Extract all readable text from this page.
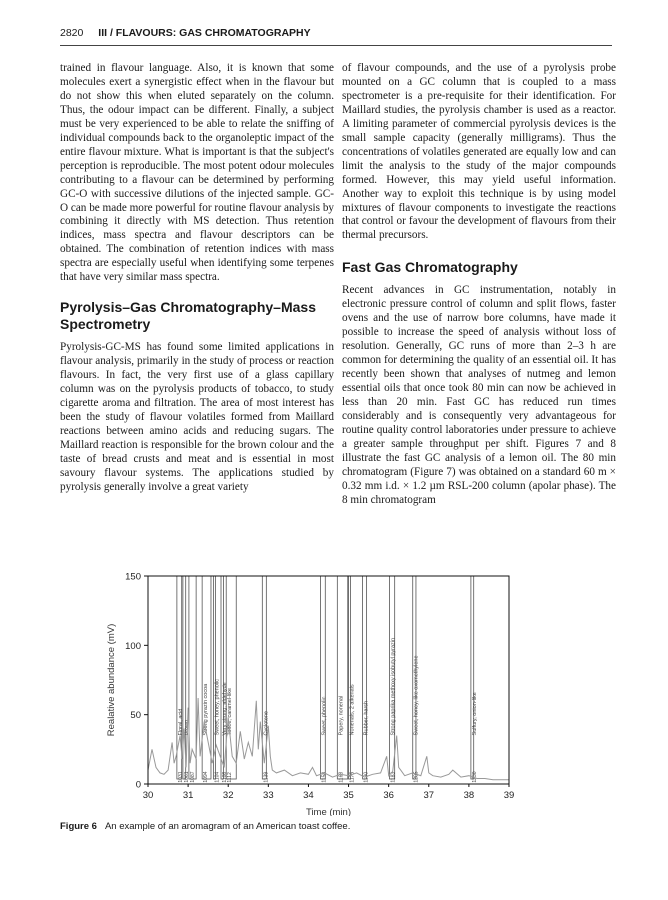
2820 III / FLAVOURS: GAS CHROMATOGRAPHY

trained in flavour language. Also, it is known that some molecules exert a synergistic effect when in the flavour but do not show this when eluted separately on the column. Thus, the odour impact can be different. Finally, a subject must be very experienced to be able to relate the sniffing of individual compounds back to the organoleptic impact of the entire flavour mixture. What is important is that the subject's perception is reproducible. The most potent odour molecules contributing to a flavour can be determined by performing GC-O with successive dilutions of the injected sample. GC-O can be made more powerful for routine flavour analysis by combining it directly with MS detection. Thus retention indices, mass spectra and flavour descriptors can be obtained. The combination of retention indices with mass spectra are especially useful when identifying some terpenes that have very similar mass spectra.

Pyrolysis–Gas Chromatography–Mass Spectrometry

Pyrolysis-GC-MS has found some limited applications in flavour analysis, primarily in the study of process or reaction flavours. In fact, the very first use of a glass capillary column was on the pyrolysis products of tobacco, to study cigarette aroma and filtration. The area of most interest has been the study of flavour volatiles formed from Maillard reactions between amino acids and reducing sugars. The Maillard reaction is responsible for the brown colour and the taste of bread crusts and meat and is essential in most savoury flavour systems. The applications studied by pyrolysis generally involve a great variety

of flavour compounds, and the use of a pyrolysis probe mounted on a GC column that is coupled to a mass spectrometer is a pre-requisite for their identification. For Maillard studies, the pyrolysis chamber is used as a reactor. A limiting parameter of commercial pyrolysis devices is the small sample capacity (generally milligrams). Thus the concentrations of volatiles generated are equally low and can limit the analysis to the study of the major compounds formed. However, this may yield useful information. Another way to exploit this technique is by using model mixtures of flavour components to investigate the reactions that control or favour the development of flavours from their thermal precursors.

Fast Gas Chromatography

Recent advances in GC instrumentation, notably in electronic pressure control of column and split flows, faster ovens and the use of narrow bore columns, have made it possible to increase the speed of analysis without loss of resolution. Generally, GC runs of more than 2–3 h are common for determining the quality of an essential oil. It has recently been shown that analyses of nutmeg and lemon essential oils that once took 80 min can now be achieved in less than 20 min. Fast GC has reduced run times considerably and is consequently very advantageous for routine quality control laboratories under pressure to achieve a greater sample throughput per shift. Figures 7 and 8 illustrate the fast GC analysis of a lemon oil. The 80 min chromatogram (Figure 7) was obtained on a standard 60 m × 0.32 mm i.d. × 1.2 µm RSL-200 column (apolar phase). The 8 min chromatogram

Floral, acid
1031
Brown
1061 1087
Strong pyrazin cocoa
1094
Sweet, honey, phenolic
1104
Very strong, aldehyde
1108
Toffee, caramel-like
1112
Cyclotene
1139
Sweet, phenolic
1158
Papery, nonenal
1168
Nonenals, 2 alkenals
1175
Rubber, harsh
1190
Strong paprika methoxy isobutyl pyrazin
1183
Sweet, honey, like oxomethylene
1205
Sulfury, onion-like
1230
0
50
100
150
30	31	32	33	34	35	36	37	38	39
Time (min)
Realative abundance (mV)
Figure 6 An example of an aromagram of an American toast coffee.
